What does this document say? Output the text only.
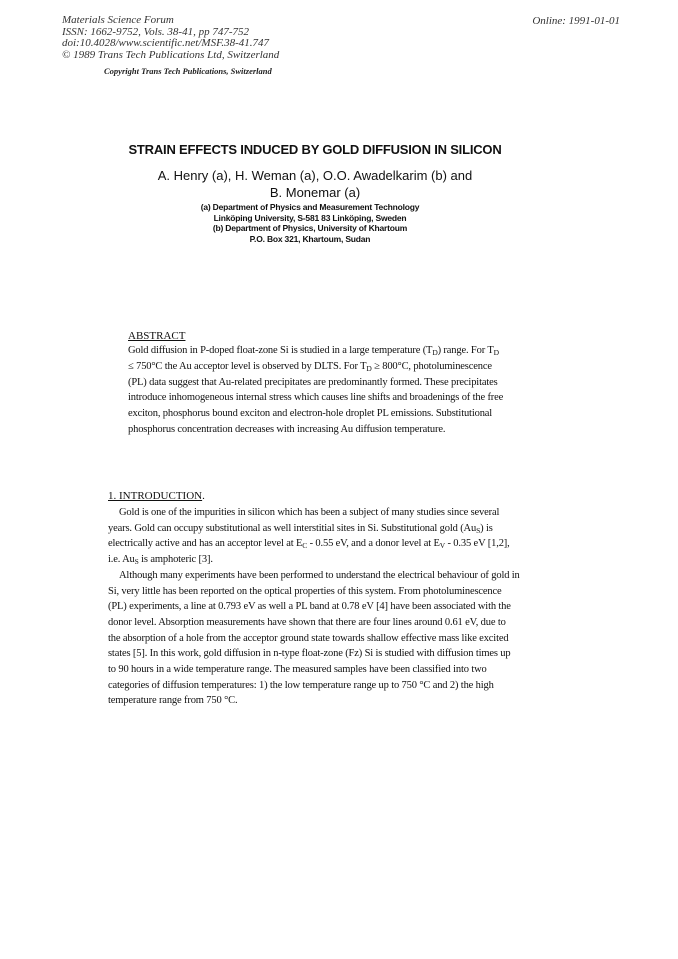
Materials Science Forum
ISSN: 1662-9752, Vols. 38-41, pp 747-752
doi:10.4028/www.scientific.net/MSF.38-41.747
© 1989 Trans Tech Publications Ltd, Switzerland
Online: 1991-01-01
Copyright Trans Tech Publications, Switzerland
STRAIN EFFECTS INDUCED BY GOLD DIFFUSION IN SILICON
A. Henry (a), H. Weman (a), O.O. Awadelkarim (b) and
B. Monemar (a)
(a) Department of Physics and Measurement Technology
Linköping University, S-581 83 Linköping, Sweden
(b) Department of Physics, University of Khartoum
P.O. Box 321, Khartoum, Sudan
ABSTRACT
Gold diffusion in P-doped float-zone Si is studied in a large temperature $(T_D)$ range. For $T_D$
≤ 750°C the Au acceptor level is observed by DLTS. For $T_D \ge 800^\circ C$, photoluminescence
(PL) data suggest that Au-related precipitates are predominantly formed. These precipitates
introduce inhomogeneous internal stress which causes line shifts and broadenings of the free
exciton, phosphorus bound exciton and electron-hole droplet PL emissions. Substitutional
phosphorus concentration decreases with increasing Au diffusion temperature.
1. INTRODUCTION.
Gold is one of the impurities in silicon which has been a subject of many studies since several
years. Gold can occupy substitutional as well interstitial sites in Si. Substitutional gold $(Au_S)$ is
electrically active and has an acceptor level at $E_C - 0.55$ eV, and a donor level at $E_V - 0.35$ eV [1,2],
i.e. $Au_S$ is amphoteric [3].
Although many experiments have been performed to understand the electrical behaviour of gold in
Si, very little has been reported on the optical properties of this system. From photoluminescence
(PL) experiments, a line at 0.793 eV as well a PL band at 0.78 eV [4] have been associated with the
donor level. Absorption measurements have shown that there are four lines around 0.61 eV, due to
the absorption of a hole from the acceptor ground state towards shallow effective mass like excited
states [5]. In this work, gold diffusion in n-type float-zone (Fz) Si is studied with diffusion times up
to 90 hours in a wide temperature range. The measured samples have been classified into two
categories of diffusion temperatures: 1) the low temperature range up to 750 °C and 2) the high
temperature range from 750 °C.
